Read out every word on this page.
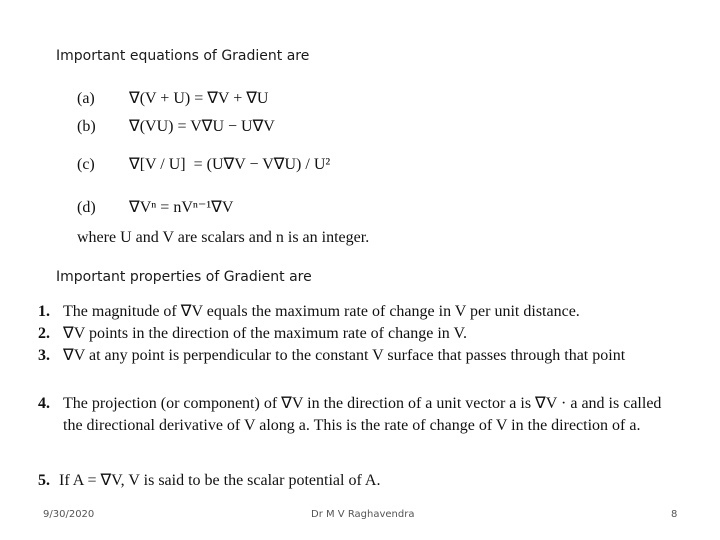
Important equations of Gradient are
(a)	∇(V + U) = ∇V + ∇U
(b)	∇(VU) = V∇U − U∇V
(c)	∇[V / U] = (U∇V − V∇U) / U²
(d)	∇Vⁿ = nVⁿ⁻¹∇V
where U and V are scalars and n is an integer.
Important properties of Gradient are
1. The magnitude of ∇V equals the maximum rate of change in V per unit distance.
2. ∇V points in the direction of the maximum rate of change in V.
3. ∇V at any point is perpendicular to the constant V surface that passes through that point
4. The projection (or component) of ∇V in the direction of a unit vector a is ∇V · a and is called the directional derivative of V along a. This is the rate of change of V in the direction of a.
5. If A = ∇V, V is said to be the scalar potential of A.
9/30/2020	Dr M V Raghavendra	8
